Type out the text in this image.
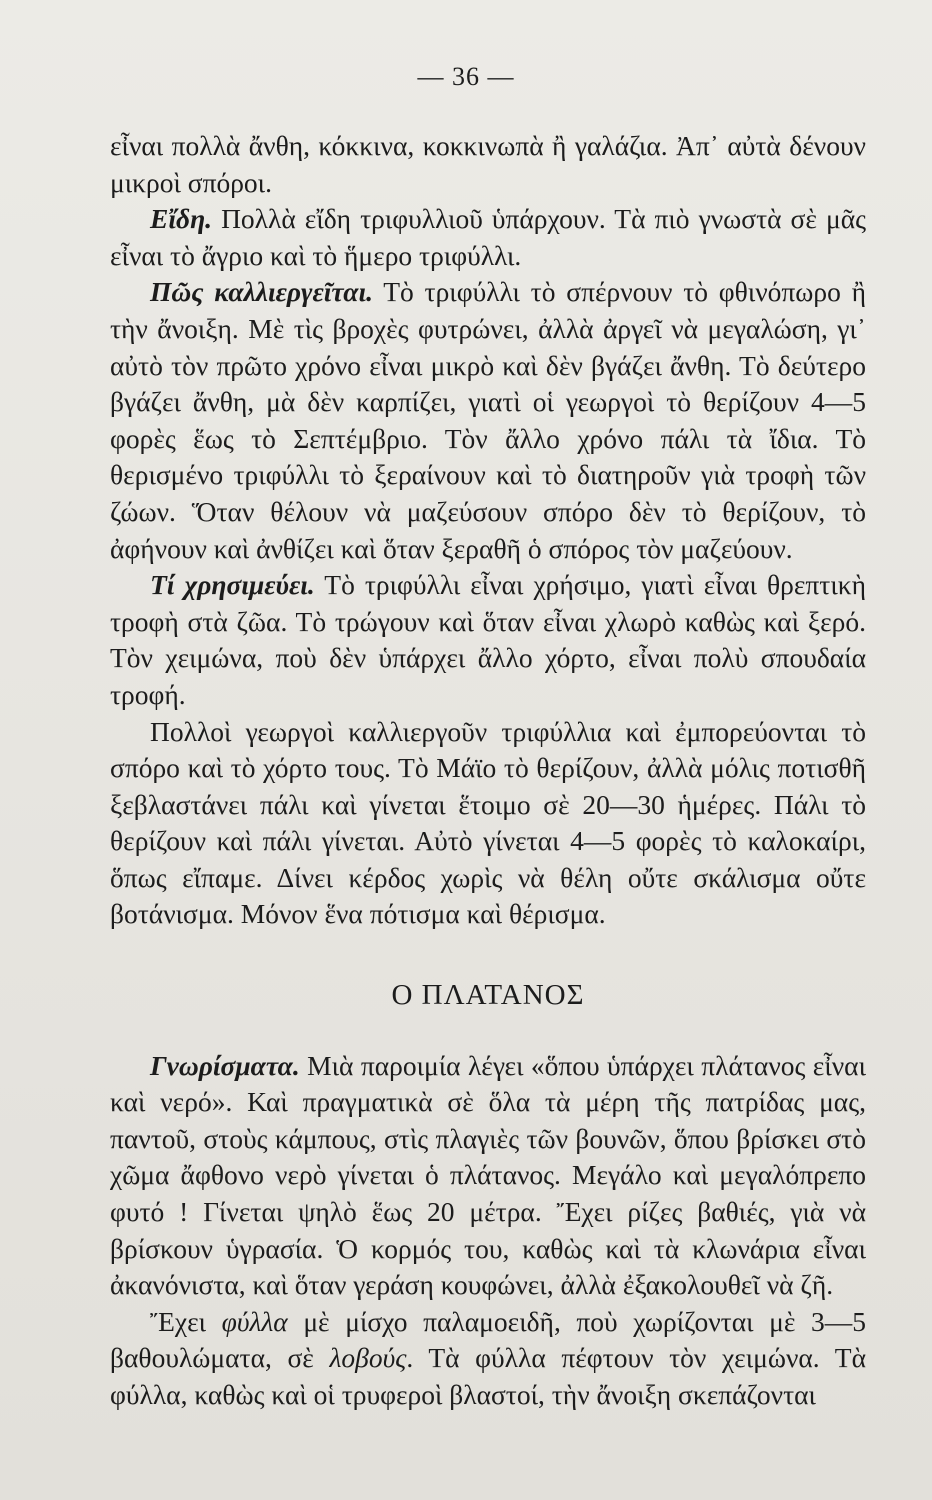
— 36 —

εἶναι πολλὰ ἄνθη, κόκκινα, κοκκινωπὰ ἢ γαλάζια. Ἀπ᾽ αὐτὰ δένουν μικροὶ σπόροι.

Εἴδη. Πολλὰ εἴδη τριφυλλιοῦ ὑπάρχουν. Τὰ πιὸ γνωστὰ σὲ μᾶς εἶναι τὸ ἄγριο καὶ τὸ ἥμερο τριφύλλι.

Πῶς καλλιεργεῖται. Τὸ τριφύλλι τὸ σπέρνουν τὸ φθινόπωρο ἢ τὴν ἄνοιξη. Μὲ τὶς βροχὲς φυτρώνει, ἀλλὰ ἀργεῖ νὰ μεγαλώση, γι᾽ αὐτὸ τὸν πρῶτο χρόνο εἶναι μικρὸ καὶ δὲν βγάζει ἄνθη. Τὸ δεύτερο βγάζει ἄνθη, μὰ δὲν καρπίζει, γιατὶ οἱ γεωργοὶ τὸ θερίζουν 4—5 φορὲς ἕως τὸ Σεπτέμβριο. Τὸν ἄλλο χρόνο πάλι τὰ ἴδια. Τὸ θερισμένο τριφύλλι τὸ ξεραίνουν καὶ τὸ διατηροῦν γιὰ τροφὴ τῶν ζώων. Ὅταν θέλουν νὰ μαζεύσουν σπόρο δὲν τὸ θερίζουν, τὸ ἀφήνουν καὶ ἀνθίζει καὶ ὅταν ξεραθῆ ὁ σπόρος τὸν μαζεύουν.

Τί χρησιμεύει. Τὸ τριφύλλι εἶναι χρήσιμο, γιατὶ εἶναι θρεπτικὴ τροφὴ στὰ ζῶα. Τὸ τρώγουν καὶ ὅταν εἶναι χλωρὸ καθὼς καὶ ξερό. Τὸν χειμώνα, ποὺ δὲν ὑπάρχει ἄλλο χόρτο, εἶναι πολὺ σπουδαία τροφή.

Πολλοὶ γεωργοὶ καλλιεργοῦν τριφύλλια καὶ ἐμπορεύονται τὸ σπόρο καὶ τὸ χόρτο τους. Τὸ Μάϊο τὸ θερίζουν, ἀλλὰ μόλις ποτισθῆ ξεβλαστάνει πάλι καὶ γίνεται ἕτοιμο σὲ 20—30 ἡμέρες. Πάλι τὸ θερίζουν καὶ πάλι γίνεται. Αὐτὸ γίνεται 4—5 φορὲς τὸ καλοκαίρι, ὅπως εἴπαμε. Δίνει κέρδος χωρὶς νὰ θέλη οὔτε σκάλισμα οὔτε βοτάνισμα. Μόνον ἕνα πότισμα καὶ θέρισμα.

Ο ΠΛΑΤΑΝΟΣ

Γνωρίσματα. Μιὰ παροιμία λέγει «ὅπου ὑπάρχει πλάτανος εἶναι καὶ νερό». Καὶ πραγματικὰ σὲ ὅλα τὰ μέρη τῆς πατρίδας μας, παντοῦ, στοὺς κάμπους, στὶς πλαγιὲς τῶν βουνῶν, ὅπου βρίσκει στὸ χῶμα ἄφθονο νερὸ γίνεται ὁ πλάτανος. Μεγάλο καὶ μεγαλόπρεπο φυτό ! Γίνεται ψηλὸ ἕως 20 μέτρα. Ἔχει ρίζες βαθιές, γιὰ νὰ βρίσκουν ὑγρασία. Ὁ κορμός του, καθὼς καὶ τὰ κλωνάρια εἶναι ἀκανόνιστα, καὶ ὅταν γεράση κουφώνει, ἀλλὰ ἐξακολουθεῖ νὰ ζῆ.

Ἔχει φύλλα μὲ μίσχο παλαμοειδῆ, ποὺ χωρίζονται μὲ 3—5 βαθουλώματα, σὲ λοβούς. Τὰ φύλλα πέφτουν τὸν χειμώνα. Τὰ φύλλα, καθὼς καὶ οἱ τρυφεροὶ βλαστοί, τὴν ἄνοιξη σκεπάζονται
